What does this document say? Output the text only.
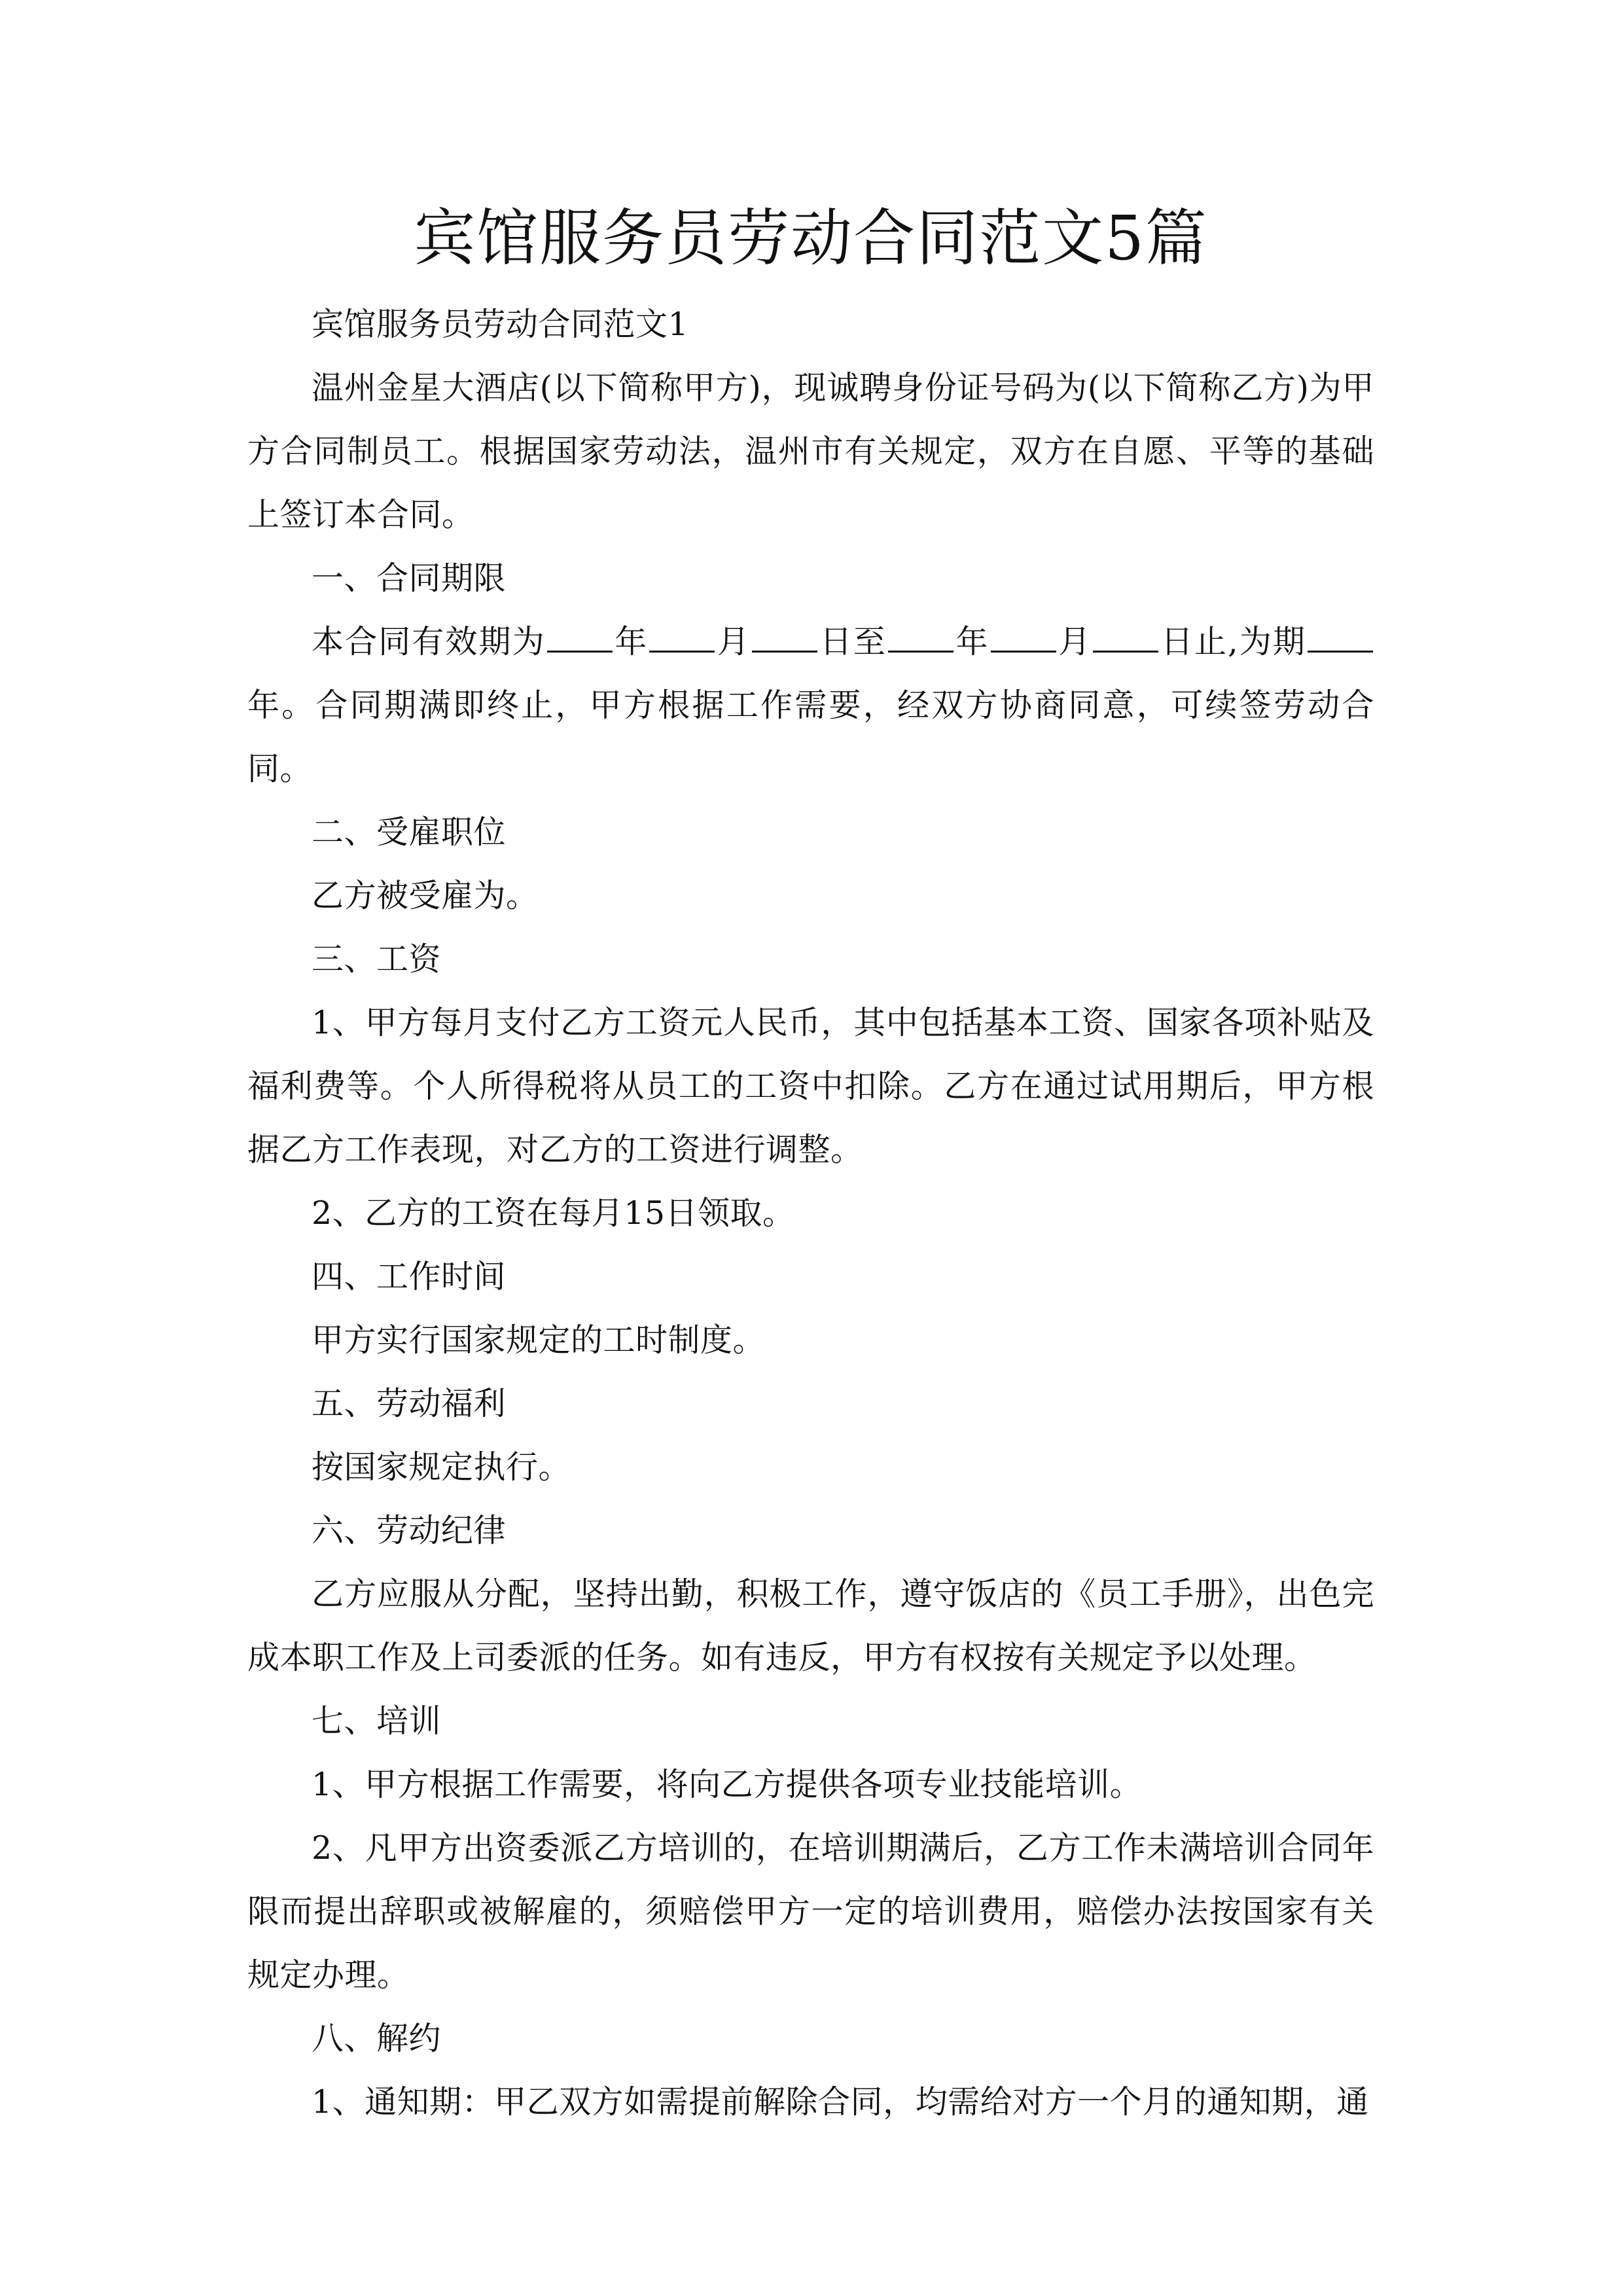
宾馆服务员劳动合同范文5篇

宾馆服务员劳动合同范文1

温州金星大酒店(以下简称甲方)，现诚聘身份证号码为(以下简称乙方)为甲方合同制员工。根据国家劳动法，温州市有关规定，双方在自愿、平等的基础上签订本合同。

一、合同期限

本合同有效期为 年 月 日至 年 月 日止,为期年。合同期满即终止，甲方根据工作需要，经双方协商同意，可续签劳动合同。

二、受雇职位

乙方被受雇为。

三、工资

1、甲方每月支付乙方工资元人民币，其中包括基本工资、国家各项补贴及福利费等。个人所得税将从员工的工资中扣除。乙方在通过试用期后，甲方根据乙方工作表现，对乙方的工资进行调整。

2、乙方的工资在每月15日领取。

四、工作时间

甲方实行国家规定的工时制度。

五、劳动福利

按国家规定执行。

六、劳动纪律

乙方应服从分配，坚持出勤，积极工作，遵守饭店的《员工手册》，出色完成本职工作及上司委派的任务。如有违反，甲方有权按有关规定予以处理。

七、培训

1、甲方根据工作需要，将向乙方提供各项专业技能培训。

2、凡甲方出资委派乙方培训的，在培训期满后，乙方工作未满培训合同年限而提出辞职或被解雇的，须赔偿甲方一定的培训费用，赔偿办法按国家有关规定办理。

八、解约

1、通知期：甲乙双方如需提前解除合同，均需给对方一个月的通知期，通
